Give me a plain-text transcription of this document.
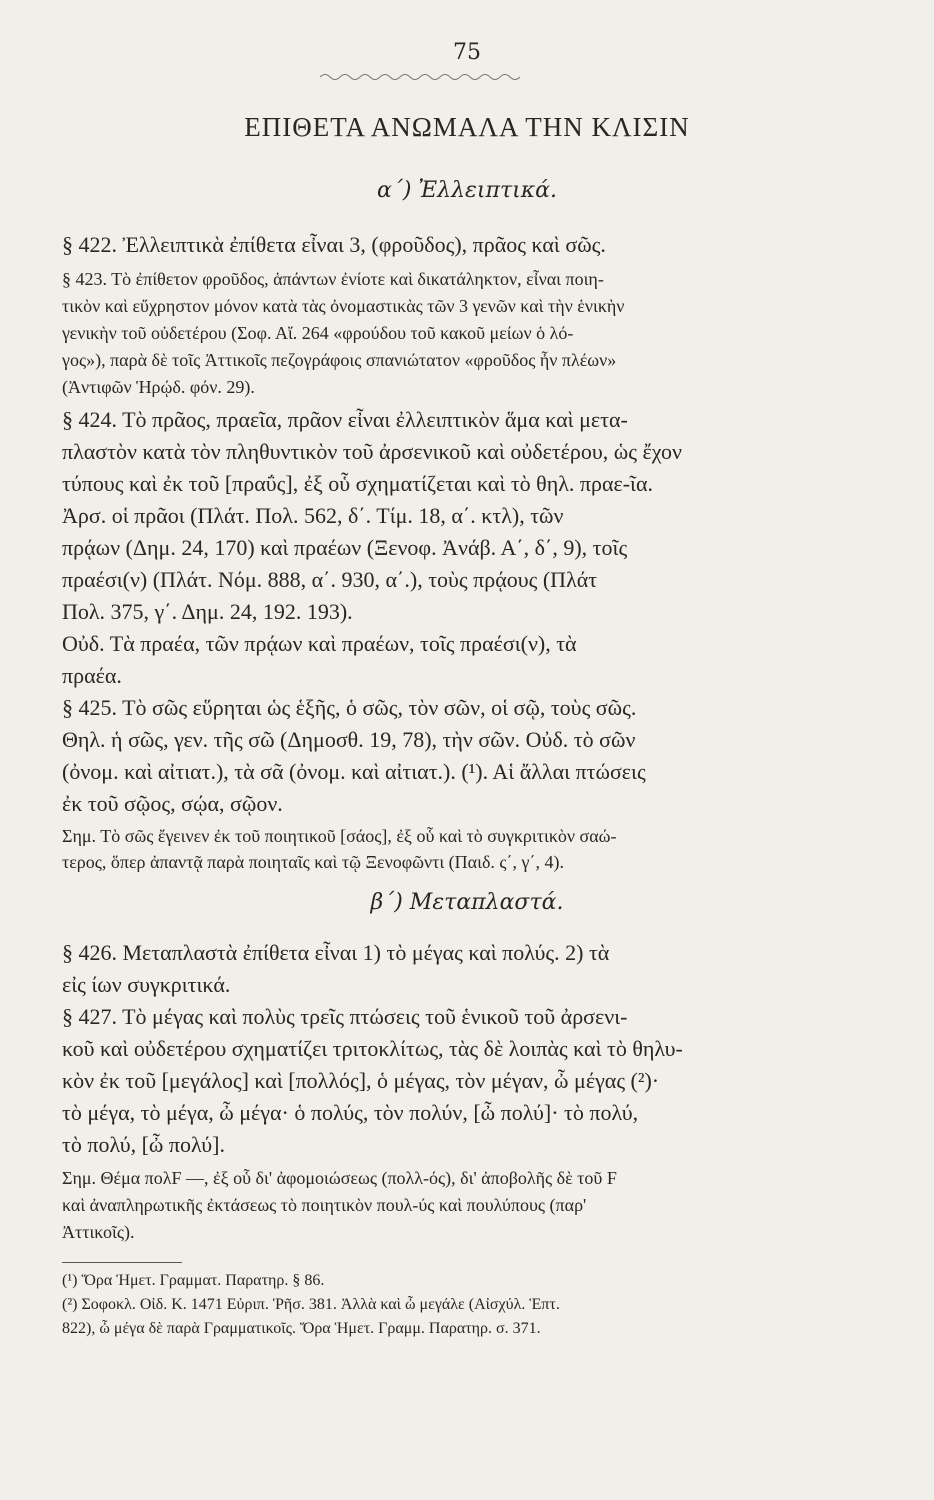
75
ΕΠΙΘΕΤΑ ΑΝΩΜΑΛΑ ΤΗΝ ΚΛΙΣΙΝ
α΄) Ἐλλειπτικά.
§ 422. Ἐλλειπτικὰ ἐπίθετα εἶναι 3, (φροῦδος), πρᾶος καὶ σῶς.
§ 423. Τὸ ἐπίθετον φροῦδος, ἁπάντων ἐνίοτε καὶ δικατάληκτον, εἶναι ποιη-
τικὸν καὶ εὔχρηστον μόνον κατὰ τὰς ὀνομαστικὰς τῶν 3 γενῶν καὶ τὴν ἑνικὴν
γενικὴν τοῦ οὐδετέρου (Σοφ. Αἴ. 264 «φρούδου τοῦ κακοῦ μείων ὁ λό-
γος»), παρὰ δὲ τοῖς Ἀττικοῖς πεζογράφοις σπανιώτατον «φροῦδος ἦν πλέων»
(Ἀντιφῶν Ἡρῴδ. φόν. 29).
§ 424. Τὸ πρᾶος, πραεῖα, πρᾶον εἶναι ἐλλειπτικὸν ἅμα καὶ μετα-
πλαστὸν κατὰ τὸν πληθυντικὸν τοῦ ἀρσενικοῦ καὶ οὐδετέρου, ὡς ἔχον
τύπους καὶ ἐκ τοῦ [πραΰς], ἐξ οὗ σχηματίζεται καὶ τὸ θηλ. πραε-ῖα.
Ἀρσ. οἱ πρᾶοι (Πλάτ. Πολ. 562, δ΄. Τίμ. 18, α΄. κτλ), τῶν
πρᾴων (Δημ. 24, 170) καὶ πραέων (Ξενοφ. Ἀνάβ. Α΄, δ΄, 9), τοῖς
πραέσι(ν) (Πλάτ. Νόμ. 888, α΄. 930, α΄.), τοὺς πρᾴους (Πλάτ
Πολ. 375, γ΄. Δημ. 24, 192. 193).
Οὐδ. Τὰ πραέα, τῶν πρᾴων καὶ πραέων, τοῖς πραέσι(ν), τὰ
πραέα.
§ 425. Τὸ σῶς εὕρηται ὡς ἑξῆς, ὁ σῶς, τὸν σῶν, οἱ σῷ, τοὺς σῶς.
Θηλ. ἡ σῶς, γεν. τῆς σῶ (Δημοσθ. 19, 78), τὴν σῶν. Οὐδ. τὸ σῶν
(ὀνομ. καὶ αἰτιατ.), τὰ σᾶ (ὀνομ. καὶ αἰτιατ.). (¹). Αἱ ἄλλαι πτώσεις
ἐκ τοῦ σῷος, σῴα, σῷον.
Σημ. Τὸ σῶς ἔγεινεν ἐκ τοῦ ποιητικοῦ [σάος], ἐξ οὗ καὶ τὸ συγκριτικὸν σαώ-
τερος, ὅπερ ἀπαντᾷ παρὰ ποιηταῖς καὶ τῷ Ξενοφῶντι (Παιδ. ς΄, γ΄, 4).
β΄) Μεταπλαστά.
§ 426. Μεταπλαστὰ ἐπίθετα εἶναι 1) τὸ μέγας καὶ πολύς. 2) τὰ
εἰς ίων συγκριτικά.
§ 427. Τὸ μέγας καὶ πολὺς τρεῖς πτώσεις τοῦ ἑνικοῦ τοῦ ἀρσενι-
κοῦ καὶ οὐδετέρου σχηματίζει τριτοκλίτως, τὰς δὲ λοιπὰς καὶ τὸ θηλυ-
κὸν ἐκ τοῦ [μεγάλος] καὶ [πολλός], ὁ μέγας, τὸν μέγαν, ὦ μέγας (²)·
τὸ μέγα, τὸ μέγα, ὦ μέγα· ὁ πολύς, τὸν πολύν, [ὦ πολύ]· τὸ πολύ,
τὸ πολύ, [ὦ πολύ].
Σημ. Θέμα πολF —, ἐξ οὗ δι' ἀφομοιώσεως (πολλ-ός), δι' ἀποβολῆς δὲ τοῦ F
καὶ ἀναπληρωτικῆς ἐκτάσεως τὸ ποιητικὸν πουλ-ύς καὶ πουλύπους (παρ'
Ἀττικοῖς).
(¹) Ὅρα Ἡμετ. Γραμματ. Παρατηρ. § 86.
(²) Σοφοκλ. Οἰδ. Κ. 1471 Εὐριπ. Ῥῆσ. 381. Ἀλλὰ καὶ ὦ μεγάλε (Αἰσχύλ. Ἑπτ.
822), ὦ μέγα δὲ παρὰ Γραμματικοῖς. Ὅρα Ἡμετ. Γραμμ. Παρατηρ. σ. 371.
